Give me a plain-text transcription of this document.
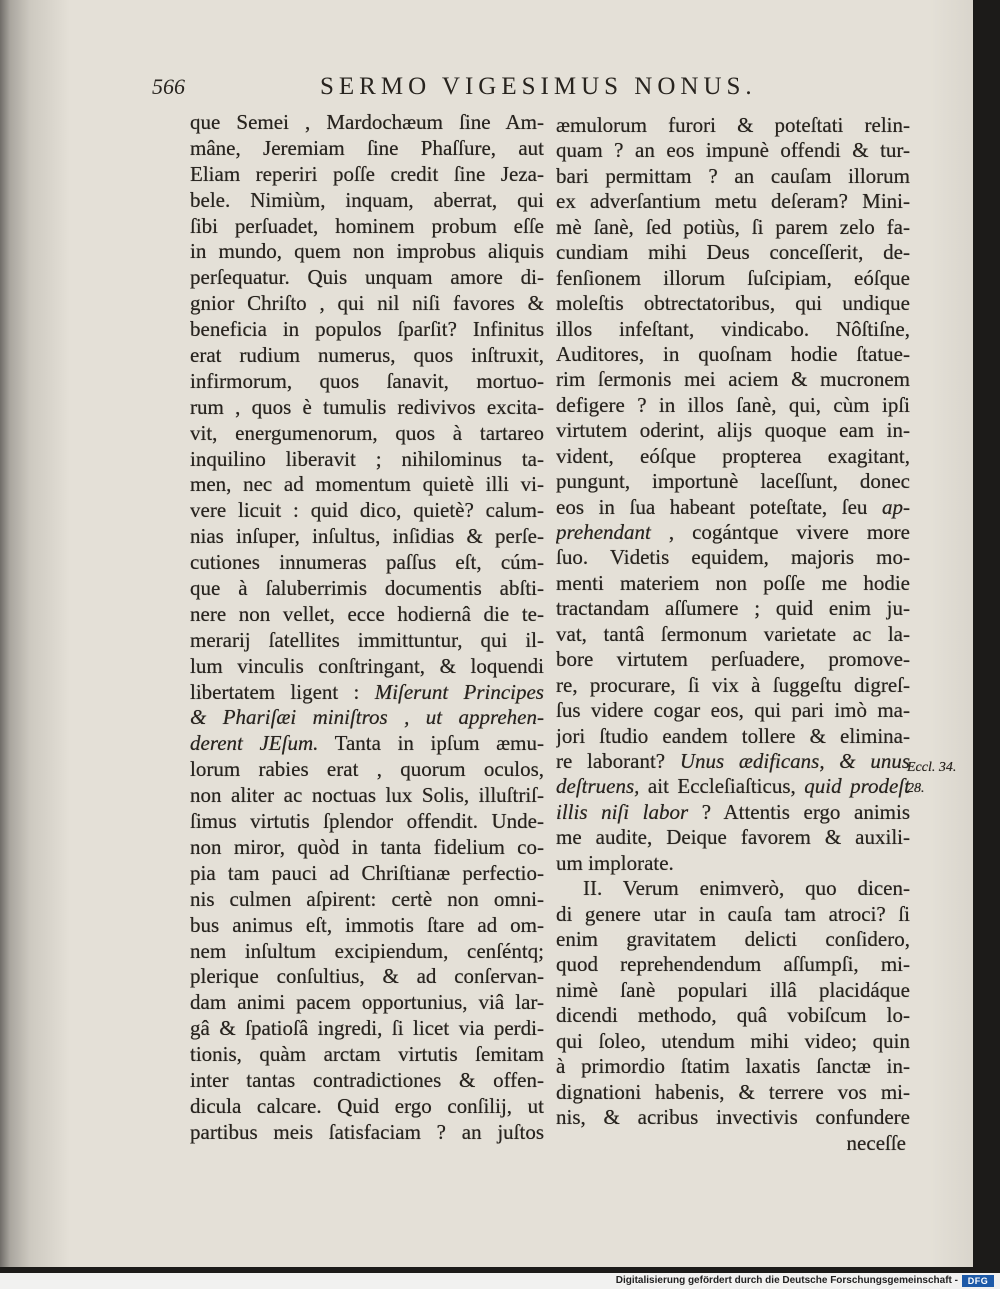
566	SERMO VIGESIMUS NONUS.
que Semei , Mardochæum ſine Am-
mâne, Jeremiam ſine Phaſſure, aut
Eliam reperiri poſſe credit ſine Jeza-
bele. Nimiùm, inquam, aberrat, qui
ſibi perſuadet, hominem probum eſſe
in mundo, quem non improbus aliquis
perſequatur. Quis unquam amore di-
gnior Chriſto , qui nil niſi favores &
beneficia in populos ſparſit? Infinitus
erat rudium numerus, quos inſtruxit,
infirmorum, quos ſanavit, mortuo-
rum , quos è tumulis redivivos excita-
vit, energumenorum, quos à tartareo
inquilino liberavit ; nihilominus ta-
men, nec ad momentum quietè illi vi-
vere licuit : quid dico, quietè? calum-
nias inſuper, inſultus, inſidias & perſe-
cutiones innumeras paſſus eſt, cúm-
que à ſaluberrimis documentis abſti-
nere non vellet, ecce hodiernâ die te-
merarij ſatellites immittuntur, qui il-
lum vinculis conſtringant, & loquendi
libertatem ligent : Miſerunt Principes
& Phariſæi miniſtros , ut apprehen-
derent JEſum. Tanta in ipſum æmu-
lorum rabies erat , quorum oculos,
non aliter ac noctuas lux Solis, illuſtriſ-
ſimus virtutis ſplendor offendit. Unde-
non miror, quòd in tanta fidelium co-
pia tam pauci ad Chriſtianæ perfectio-
nis culmen aſpirent: certè non omni-
bus animus eſt, immotis ſtare ad om-
nem inſultum excipiendum, cenſéntq;
plerique conſultius, & ad conſervan-
dam animi pacem opportunius, viâ lar-
gâ & ſpatioſâ ingredi, ſi licet via perdi-
tionis, quàm arctam virtutis ſemitam
inter tantas contradictiones & offen-
dicula calcare. Quid ergo conſilij, ut
partibus meis ſatisfaciam ? an juſtos
æmulorum furori & poteſtati relin-
quam ? an eos impunè offendi & tur-
bari permittam ? an cauſam illorum
ex adverſantium metu deſeram? Mini-
mè ſanè, ſed potiùs, ſi parem zelo fa-
cundiam mihi Deus conceſſerit, de-
fenſionem illorum ſuſcipiam, eóſque
moleſtis obtrectatoribus, qui undique
illos infeſtant, vindicabo. Nôſtiſne,
Auditores, in quoſnam hodie ſtatue-
rim ſermonis mei aciem & mucronem
defigere ? in illos ſanè, qui, cùm ipſi
virtutem oderint, alijs quoque eam in-
vident, eóſque propterea exagitant,
pungunt, importunè laceſſunt, donec
eos in ſua habeant poteſtate, ſeu ap-
prehendant , cogántque vivere more
ſuo. Videtis equidem, majoris mo-
menti materiem non poſſe me hodie
tractandam aſſumere ; quid enim ju-
vat, tantâ ſermonum varietate ac la-
bore virtutem perſuadere, promove-
re, procurare, ſi vix à ſuggeſtu digreſ-
ſus videre cogar eos, qui pari imò ma-
jori ſtudio eandem tollere & elimina-
re laborant? Unus ædificans, & unus
deſtruens, ait Eccleſiaſticus, quid prodeſt
illis niſi labor ? Attentis ergo animis
me audite, Deique favorem & auxili-
um implorate.
II. Verum enimverò, quo dicen-
di genere utar in cauſa tam atroci? ſi
enim gravitatem delicti conſidero,
quod reprehendendum aſſumpſi, mi-
nimè ſanè populari illâ placidáque
dicendi methodo, quâ vobiſcum lo-
qui ſoleo, utendum mihi video; quin
à primordio ſtatim laxatis ſanctæ in-
dignationi habenis, & terrere vos mi-
nis, & acribus invectivis confundere
Eccl. 34.
28.
neceſſe
Digitalisierung gefördert durch die Deutsche Forschungsgemeinschaft -	DFG
